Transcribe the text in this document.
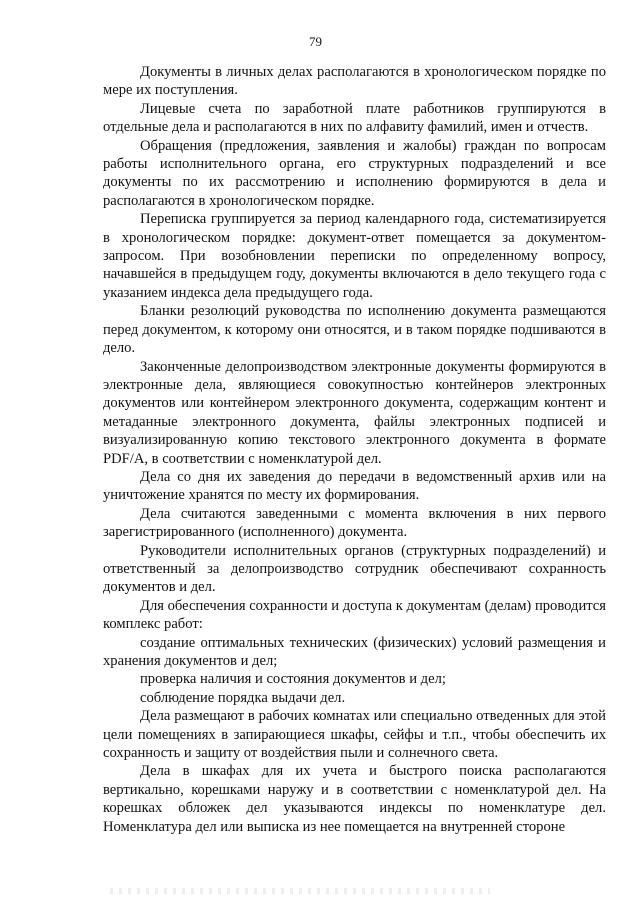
79

Документы в личных делах располагаются в хронологическом порядке по мере их поступления.

Лицевые счета по заработной плате работников группируются в отдельные дела и располагаются в них по алфавиту фамилий, имен и отчеств.

Обращения (предложения, заявления и жалобы) граждан по вопросам работы исполнительного органа, его структурных подразделений и все документы по их рассмотрению и исполнению формируются в дела и располагаются в хронологическом порядке.

Переписка группируется за период календарного года, систематизируется в хронологическом порядке: документ-ответ помещается за документом-запросом. При возобновлении переписки по определенному вопросу, начавшейся в предыдущем году, документы включаются в дело текущего года с указанием индекса дела предыдущего года.

Бланки резолюций руководства по исполнению документа размещаются перед документом, к которому они относятся, и в таком порядке подшиваются в дело.

Законченные делопроизводством электронные документы формируются в электронные дела, являющиеся совокупностью контейнеров электронных документов или контейнером электронного документа, содержащим контент и метаданные электронного документа, файлы электронных подписей и визуализированную копию текстового электронного документа в формате PDF/A, в соответствии с номенклатурой дел.

Дела со дня их заведения до передачи в ведомственный архив или на уничтожение хранятся по месту их формирования.

Дела считаются заведенными с момента включения в них первого зарегистрированного (исполненного) документа.

Руководители исполнительных органов (структурных подразделений) и ответственный за делопроизводство сотрудник обеспечивают сохранность документов и дел.

Для обеспечения сохранности и доступа к документам (делам) проводится комплекс работ:

создание оптимальных технических (физических) условий размещения и хранения документов и дел;

проверка наличия и состояния документов и дел;

соблюдение порядка выдачи дел.

Дела размещают в рабочих комнатах или специально отведенных для этой цели помещениях в запирающиеся шкафы, сейфы и т.п., чтобы обеспечить их сохранность и защиту от воздействия пыли и солнечного света.

Дела в шкафах для их учета и быстрого поиска располагаются вертикально, корешками наружу и в соответствии с номенклатурой дел. На корешках обложек дел указываются индексы по номенклатуре дел. Номенклатура дел или выписка из нее помещается на внутренней стороне
